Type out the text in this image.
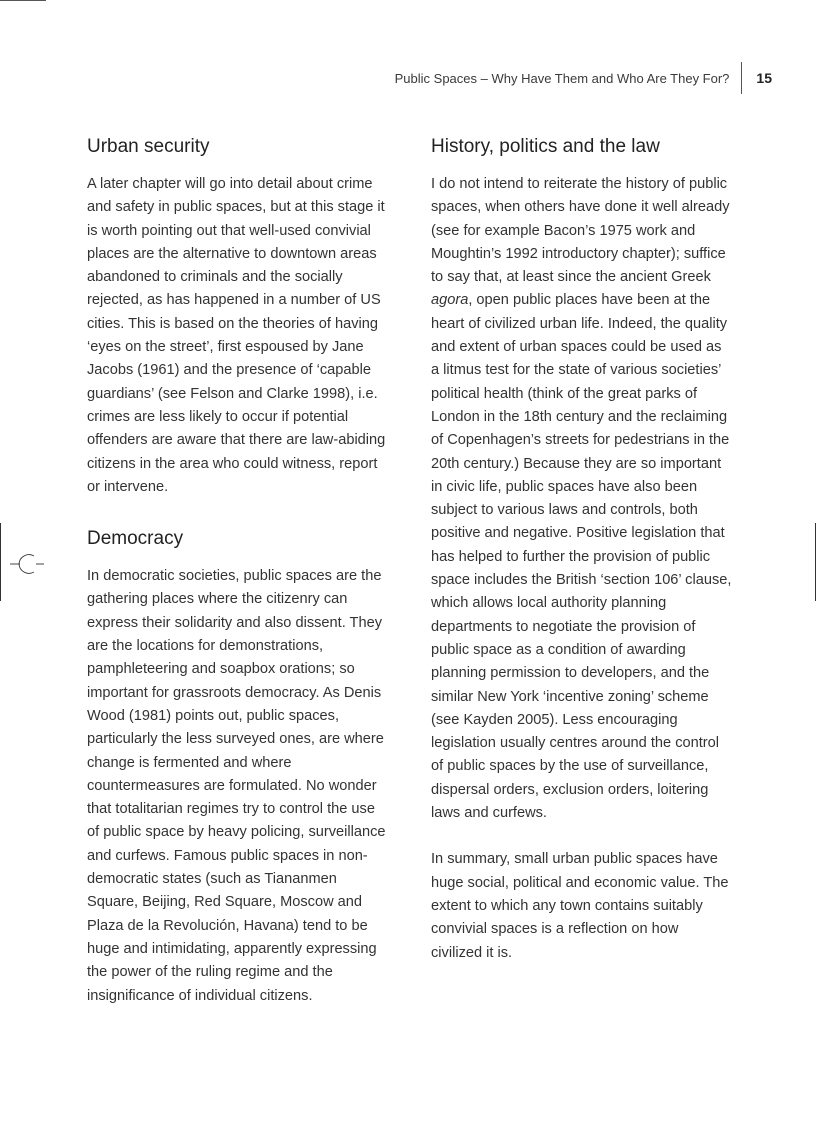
Public Spaces – Why Have Them and Who Are They For? 15
Urban security

A later chapter will go into detail about crime and safety in public spaces, but at this stage it is worth pointing out that well-used convivial places are the alternative to downtown areas abandoned to criminals and the socially rejected, as has happened in a number of US cities. This is based on the theories of having ‘eyes on the street’, first espoused by Jane Jacobs (1961) and the presence of ‘capable guardians’ (see Felson and Clarke 1998), i.e. crimes are less likely to occur if potential offenders are aware that there are law-abiding citizens in the area who could witness, report or intervene.

Democracy

In democratic societies, public spaces are the gathering places where the citizenry can express their solidarity and also dissent. They are the locations for demonstrations, pamphleteering and soapbox orations; so important for grassroots democracy. As Denis Wood (1981) points out, public spaces, particularly the less surveyed ones, are where change is fermented and where countermeasures are formulated. No wonder that totalitarian regimes try to control the use of public space by heavy policing, surveillance and curfews. Famous public spaces in non-democratic states (such as Tiananmen Square, Beijing, Red Square, Moscow and Plaza de la Revolución, Havana) tend to be huge and intimidating, apparently expressing the power of the ruling regime and the insignificance of individual citizens.

History, politics and the law

I do not intend to reiterate the history of public spaces, when others have done it well already (see for example Bacon’s 1975 work and Moughtin’s 1992 introductory chapter); suffice to say that, at least since the ancient Greek agora, open public places have been at the heart of civilized urban life. Indeed, the quality and extent of urban spaces could be used as a litmus test for the state of various societies’ political health (think of the great parks of London in the 18th century and the reclaiming of Copenhagen’s streets for pedestrians in the 20th century.) Because they are so important in civic life, public spaces have also been subject to various laws and controls, both positive and negative. Positive legislation that has helped to further the provision of public space includes the British ‘section 106’ clause, which allows local authority planning departments to negotiate the provision of public space as a condition of awarding planning permission to developers, and the similar New York ‘incentive zoning’ scheme (see Kayden 2005). Less encouraging legislation usually centres around the control of public spaces by the use of surveillance, dispersal orders, exclusion orders, loitering laws and curfews.

In summary, small urban public spaces have huge social, political and economic value. The extent to which any town contains suitably convivial spaces is a reflection on how civilized it is.
